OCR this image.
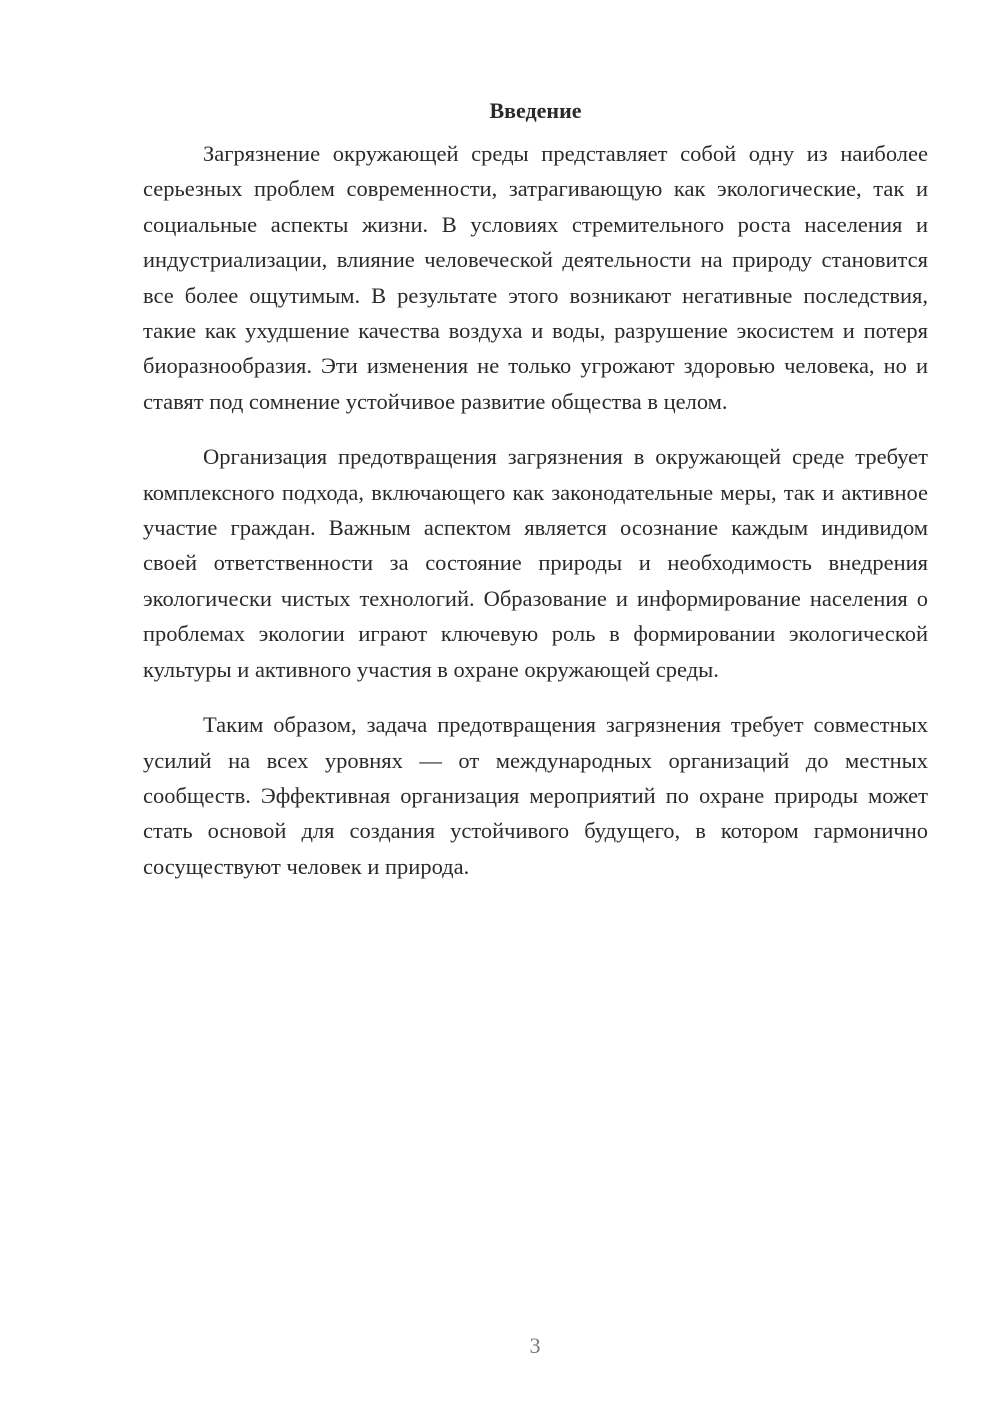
Введение

Загрязнение окружающей среды представляет собой одну из наиболее серьезных проблем современности, затрагивающую как экологические, так и социальные аспекты жизни. В условиях стремительного роста населения и индустриализации, влияние человеческой деятельности на природу становится все более ощутимым. В результате этого возникают негативные последствия, такие как ухудшение качества воздуха и воды, разрушение экосистем и потеря биоразнообразия. Эти изменения не только угрожают здоровью человека, но и ставят под сомнение устойчивое развитие общества в целом.

Организация предотвращения загрязнения в окружающей среде требует комплексного подхода, включающего как законодательные меры, так и активное участие граждан. Важным аспектом является осознание каждым индивидом своей ответственности за состояние природы и необходимость внедрения экологически чистых технологий. Образование и информирование населения о проблемах экологии играют ключевую роль в формировании экологической культуры и активного участия в охране окружающей среды.

Таким образом, задача предотвращения загрязнения требует совместных усилий на всех уровнях — от международных организаций до местных сообществ. Эффективная организация мероприятий по охране природы может стать основой для создания устойчивого будущего, в котором гармонично сосуществуют человек и природа.

3
